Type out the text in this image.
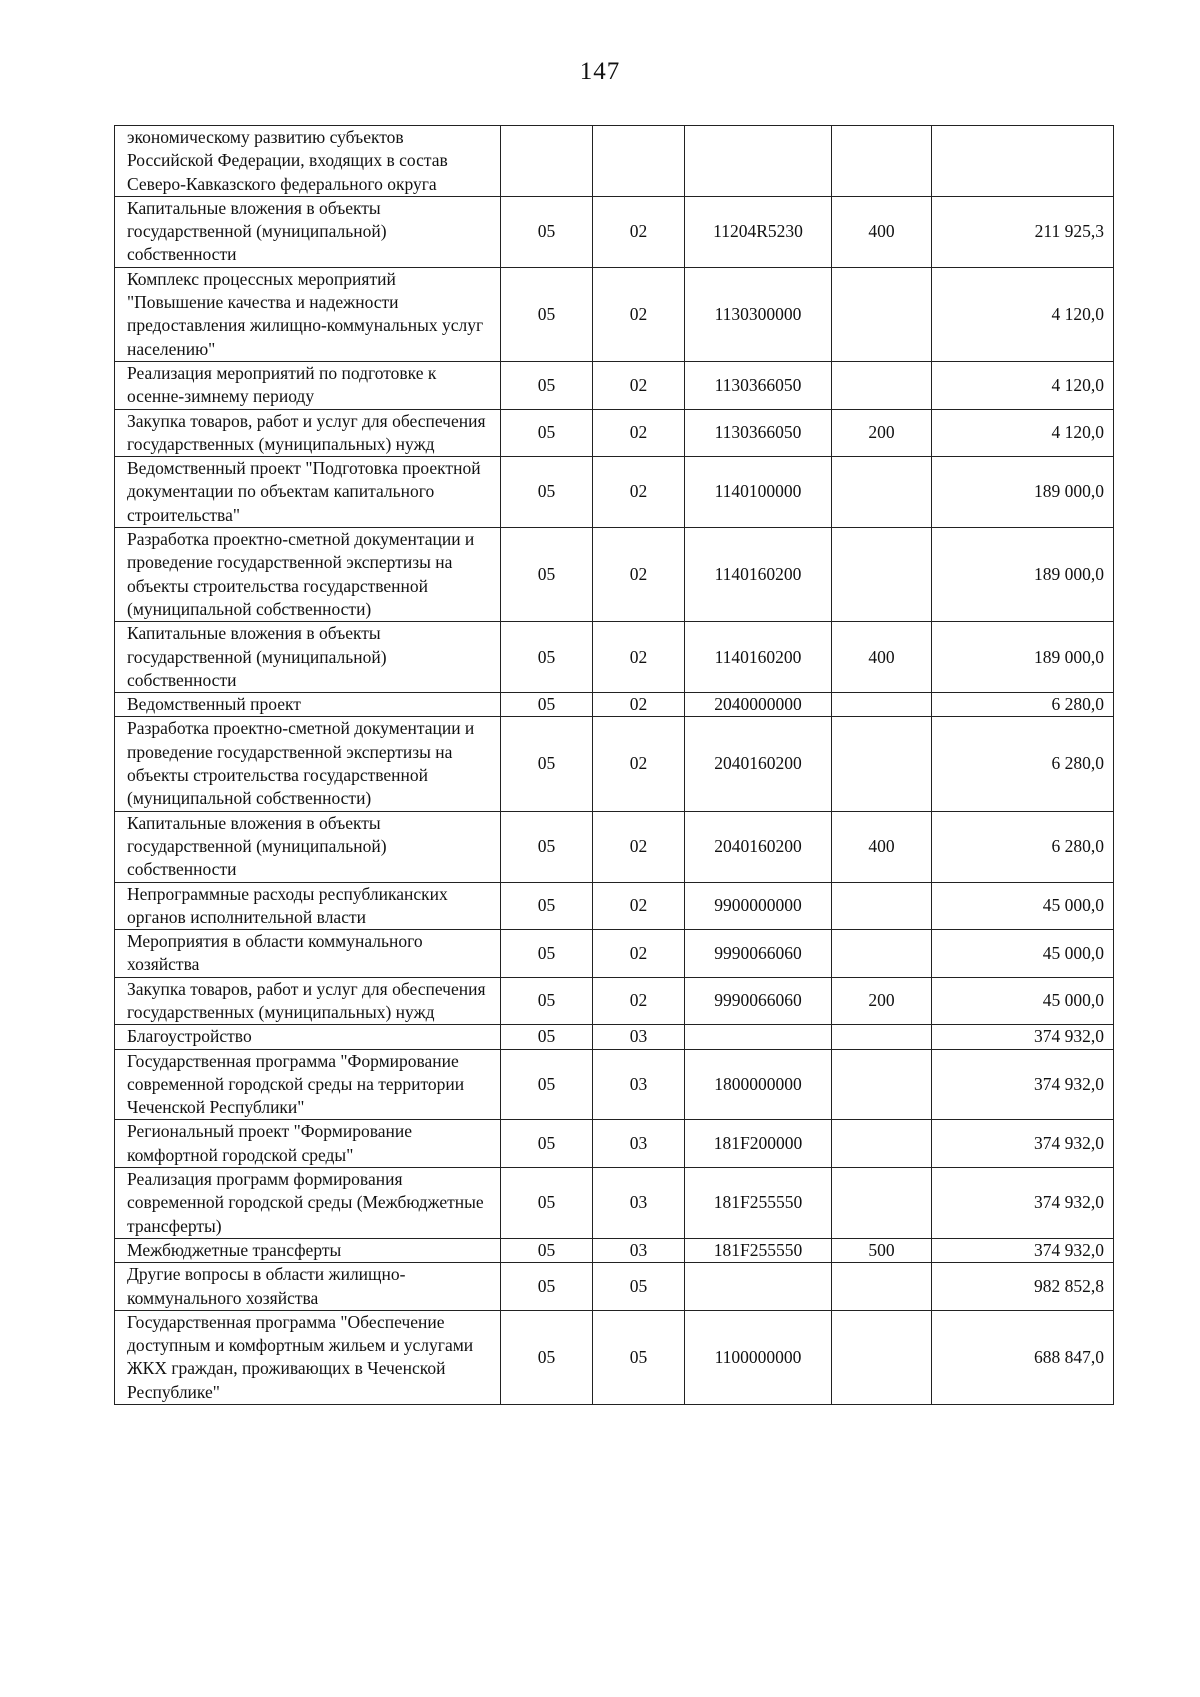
147
экономическому развитию субъектов Российской Федерации, входящих в состав Северо-Кавказского федерального округа					
Капитальные вложения в объекты государственной (муниципальной) собственности	05	02	11204R5230	400	211 925,3
Комплекс процессных мероприятий "Повышение качества и надежности предоставления жилищно-коммунальных услуг населению"	05	02	1130300000		4 120,0
Реализация мероприятий по подготовке к осенне-зимнему периоду	05	02	1130366050		4 120,0
Закупка товаров, работ и услуг для обеспечения государственных (муниципальных) нужд	05	02	1130366050	200	4 120,0
Ведомственный проект "Подготовка проектной документации по объектам капитального строительства"	05	02	1140100000		189 000,0
Разработка проектно-сметной документации и проведение государственной экспертизы на объекты строительства государственной (муниципальной собственности)	05	02	1140160200		189 000,0
Капитальные вложения в объекты государственной (муниципальной) собственности	05	02	1140160200	400	189 000,0
Ведомственный проект	05	02	2040000000		6 280,0
Разработка проектно-сметной документации и проведение государственной экспертизы на объекты строительства государственной (муниципальной собственности)	05	02	2040160200		6 280,0
Капитальные вложения в объекты государственной (муниципальной) собственности	05	02	2040160200	400	6 280,0
Непрограммные расходы республиканских органов исполнительной власти	05	02	9900000000		45 000,0
Мероприятия в области коммунального хозяйства	05	02	9990066060		45 000,0
Закупка товаров, работ и услуг для обеспечения государственных (муниципальных) нужд	05	02	9990066060	200	45 000,0
Благоустройство	05	03			374 932,0
Государственная программа "Формирование современной городской среды на территории Чеченской Республики"	05	03	1800000000		374 932,0
Региональный проект "Формирование комфортной городской среды"	05	03	181F200000		374 932,0
Реализация программ формирования современной городской среды (Межбюджетные трансферты)	05	03	181F255550		374 932,0
Межбюджетные трансферты	05	03	181F255550	500	374 932,0
Другие вопросы в области жилищно-коммунального хозяйства	05	05			982 852,8
Государственная программа "Обеспечение доступным и комфортным жильем и услугами ЖКХ граждан, проживающих в Чеченской Республике"	05	05	1100000000		688 847,0
